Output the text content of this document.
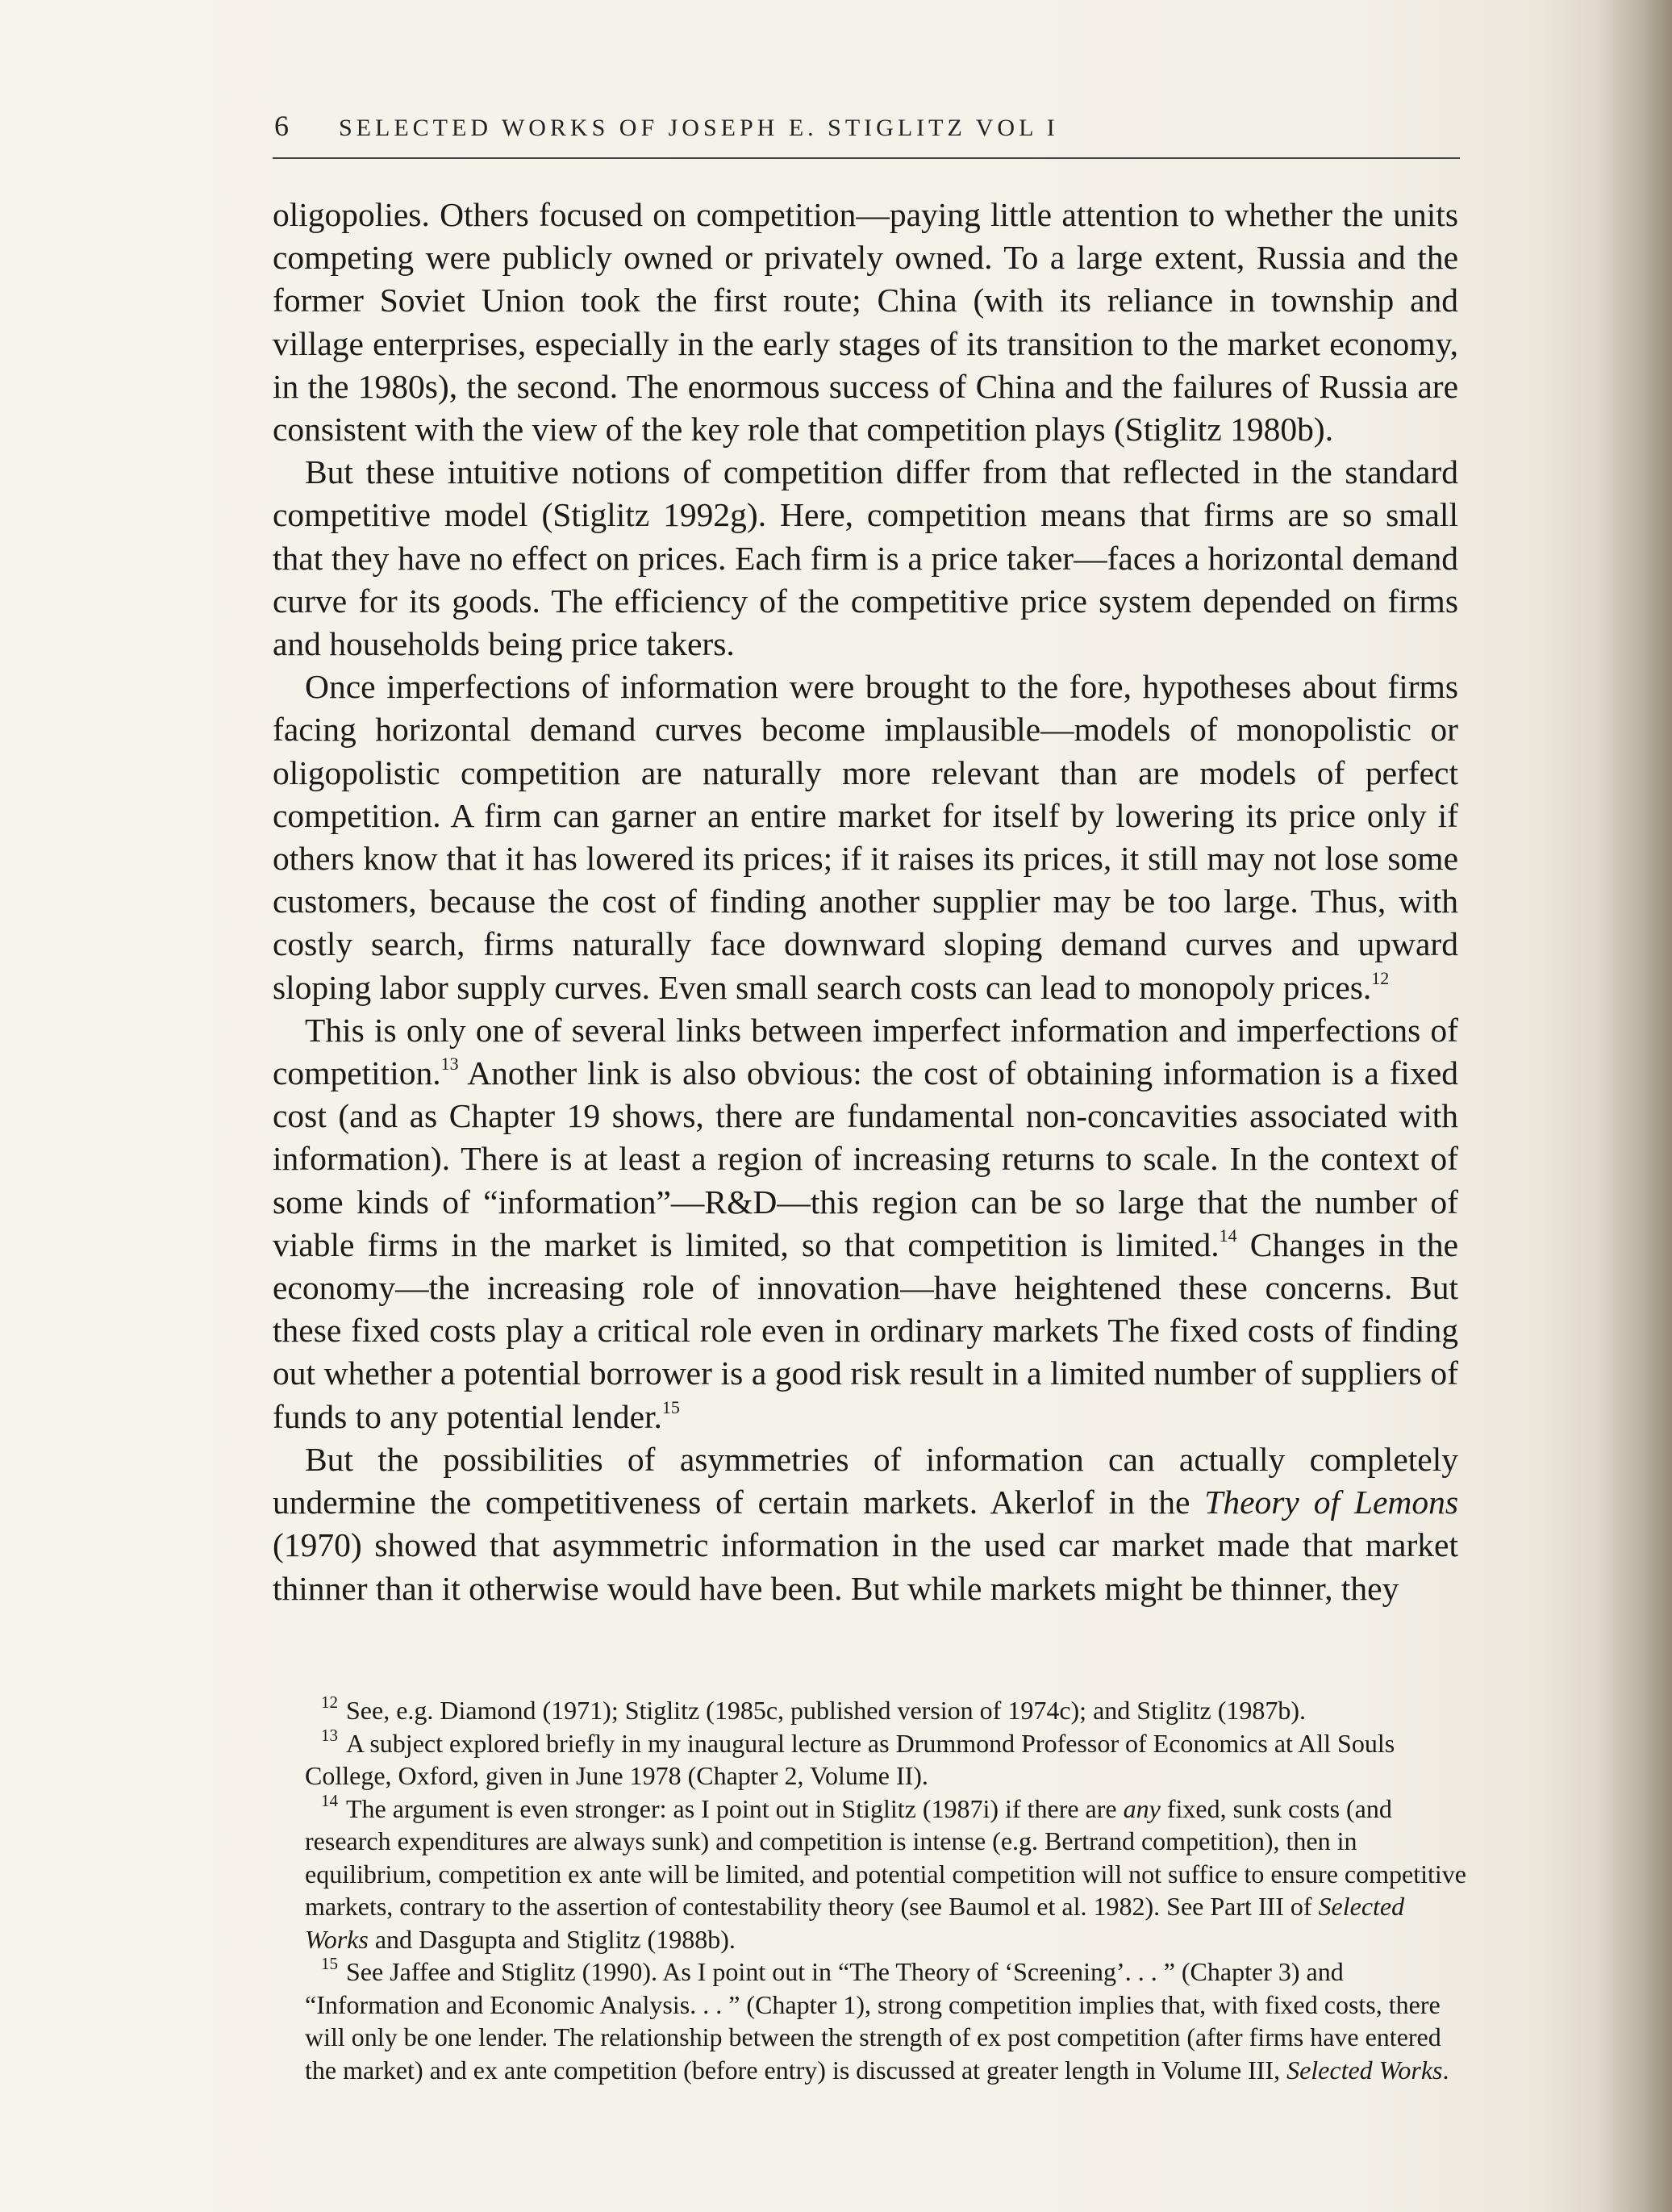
6 SELECTED WORKS OF JOSEPH E. STIGLITZ VOL I

oligopolies. Others focused on competition—paying little attention to whether the units competing were publicly owned or privately owned. To a large extent, Russia and the former Soviet Union took the first route; China (with its reliance in township and village enterprises, especially in the early stages of its transition to the market economy, in the 1980s), the second. The enormous success of China and the failures of Russia are consistent with the view of the key role that competition plays (Stiglitz 1980b).

But these intuitive notions of competition differ from that reflected in the standard competitive model (Stiglitz 1992g). Here, competition means that firms are so small that they have no effect on prices. Each firm is a price taker—faces a horizontal demand curve for its goods. The efficiency of the competitive price system depended on firms and households being price takers.

Once imperfections of information were brought to the fore, hypotheses about firms facing horizontal demand curves become implausible—models of monopolistic or oligopolistic competition are naturally more relevant than are models of perfect competition. A firm can garner an entire market for itself by lowering its price only if others know that it has lowered its prices; if it raises its prices, it still may not lose some customers, because the cost of finding another supplier may be too large. Thus, with costly search, firms naturally face downward sloping demand curves and upward sloping labor supply curves. Even small search costs can lead to monopoly prices.$^{12}$

This is only one of several links between imperfect information and imperfections of competition.$^{13}$ Another link is also obvious: the cost of obtaining information is a fixed cost (and as Chapter 19 shows, there are fundamental non-concavities associated with information). There is at least a region of increasing returns to scale. In the context of some kinds of “information”—R&D—this region can be so large that the number of viable firms in the market is limited, so that competition is limited.$^{14}$ Changes in the economy—the increasing role of innovation—have heightened these concerns. But these fixed costs play a critical role even in ordinary markets The fixed costs of finding out whether a potential borrower is a good risk result in a limited number of suppliers of funds to any potential lender.$^{15}$

But the possibilities of asymmetries of information can actually completely undermine the competitiveness of certain markets. Akerlof in the Theory of Lemons (1970) showed that asymmetric information in the used car market made that market thinner than it otherwise would have been. But while markets might be thinner, they

$^{12}$ See, e.g. Diamond (1971); Stiglitz (1985c, published version of 1974c); and Stiglitz (1987b).

$^{13}$ A subject explored briefly in my inaugural lecture as Drummond Professor of Economics at All Souls College, Oxford, given in June 1978 (Chapter 2, Volume II).

$^{14}$ The argument is even stronger: as I point out in Stiglitz (1987i) if there are any fixed, sunk costs (and research expenditures are always sunk) and competition is intense (e.g. Bertrand competition), then in equilibrium, competition ex ante will be limited, and potential competition will not suffice to ensure competitive markets, contrary to the assertion of contestability theory (see Baumol et al. 1982). See Part III of Selected Works and Dasgupta and Stiglitz (1988b).

$^{15}$ See Jaffee and Stiglitz (1990). As I point out in “The Theory of ‘Screening’. . . ” (Chapter 3) and “Information and Economic Analysis. . . ” (Chapter 1), strong competition implies that, with fixed costs, there will only be one lender. The relationship between the strength of ex post competition (after firms have entered the market) and ex ante competition (before entry) is discussed at greater length in Volume III, Selected Works.
